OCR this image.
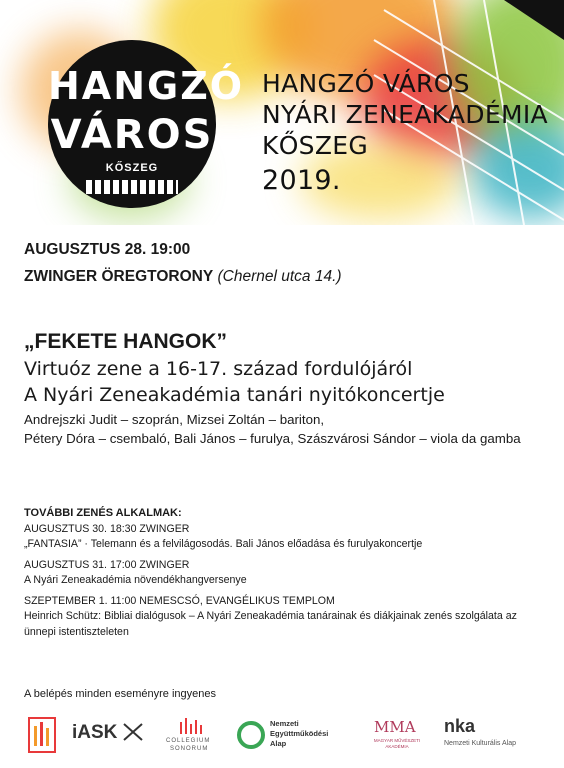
HANGZÓ
VÁROS
KŐSZEG
HANGZÓ VÁROS
NYÁRI ZENEAKADÉMIA
KŐSZEG
2019.
AUGUSZTUS 28. 19:00
ZWINGER ÖREGTORONY (Chernel utca 14.)
„FEKETE HANGOK”
Virtuóz zene a 16-17. század fordulójáról
A Nyári Zeneakadémia tanári nyitókoncertje
Andrejszki Judit – szoprán, Mizsei Zoltán – bariton,
Pétery Dóra – csembaló, Bali János – furulya, Szászvárosi Sándor – viola da gamba
TOVÁBBI ZENÉS ALKALMAK:
AUGUSZTUS 30. 18:30 ZWINGER
„FANTASIA” · Telemann és a felvilágosodás. Bali János előadása és furulyakoncertje
AUGUSZTUS 31. 17:00 ZWINGER
A Nyári Zeneakadémia növendékhangversenye
SZEPTEMBER 1. 11:00 NEMESCSÓ, EVANGÉLIKUS TEMPLOM
Heinrich Schütz: Bibliai dialógusok – A Nyári Zeneakadémia tanárainak és diákjainak zenés szolgálata az
ünnepi istentiszteleten
A belépés minden eseményre ingyenes
iASK	COLLEGIUM
SONORUM
Nemzeti
Együttműködési
Alap
MMA
MAGYAR MŰVÉSZETI AKADÉMIA
nka
Nemzeti Kulturális Alap
